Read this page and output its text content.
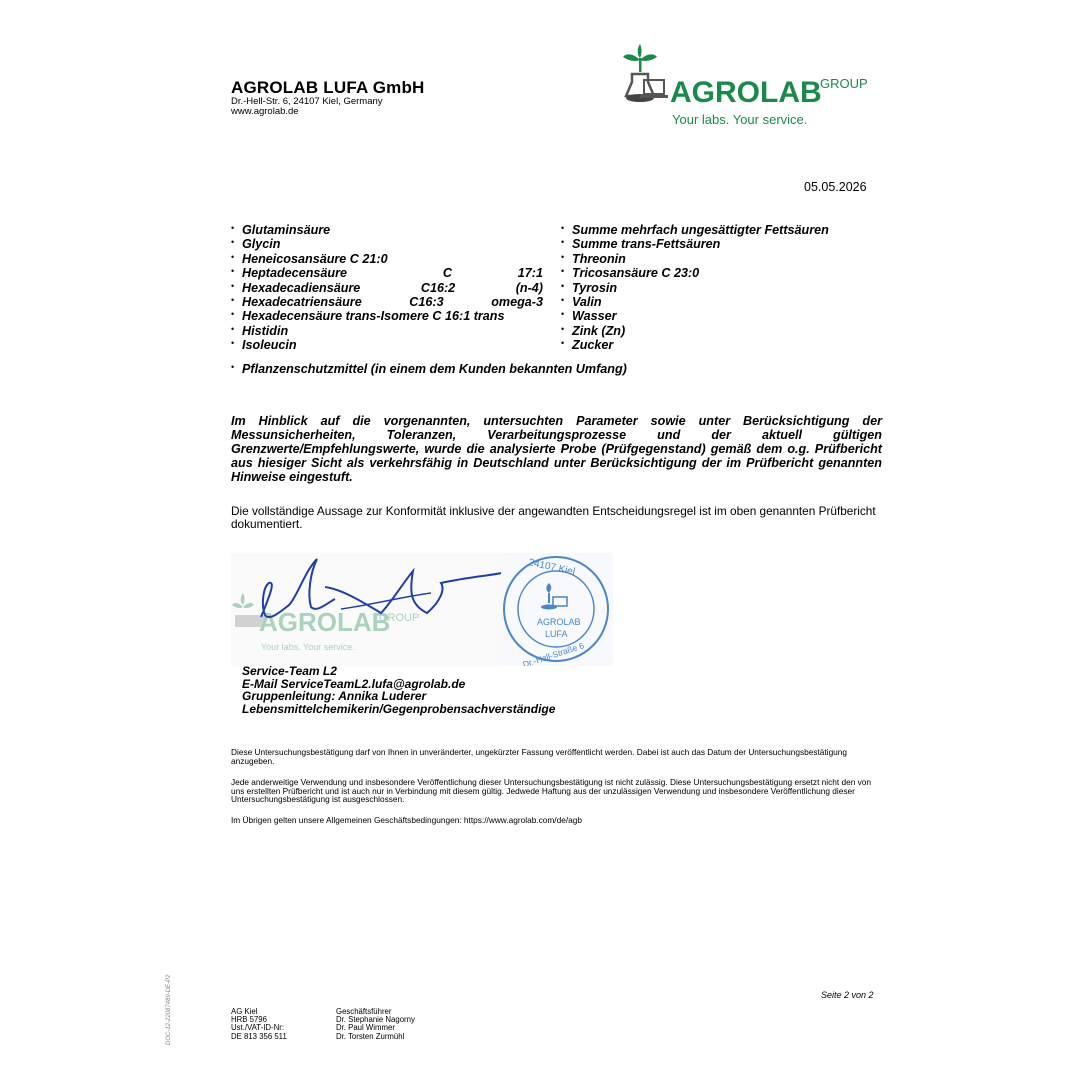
AGROLAB LUFA GmbH
Dr.-Hell-Str. 6, 24107 Kiel, Germany
www.agrolab.de
AGROLAB
GROUP
Your labs. Your service.
05.05.2026
• Glutaminsäure
• Glycin
• Heneicosansäure C 21:0
• Heptadecensäure	C	17:1
• Hexadecadiensäure	C16:2	(n-4)
• Hexadecatriensäure	C16:3	omega-3
• Hexadecensäure trans-Isomere C 16:1 trans
• Histidin
• Isoleucin
• Summe mehrfach ungesättigter Fettsäuren
• Summe trans-Fettsäuren
• Threonin
• Tricosansäure C 23:0
• Tyrosin
• Valin
• Wasser
• Zink (Zn)
• Zucker
• Pflanzenschutzmittel (in einem dem Kunden bekannten Umfang)
Im Hinblick auf die vorgenannten, untersuchten Parameter sowie unter Berücksichtigung der Messunsicherheiten, Toleranzen, Verarbeitungsprozesse und der aktuell gültigen Grenzwerte/Empfehlungswerte, wurde die analysierte Probe (Prüfgegenstand) gemäß dem o.g. Prüfbericht aus hiesiger Sicht als verkehrsfähig in Deutschland unter Berücksichtigung der im Prüfbericht genannten Hinweise eingestuft.
Die vollständige Aussage zur Konformität inklusive der angewandten Entscheidungsregel ist im oben genannten Prüfbericht dokumentiert.
AGROLAB
GROUP
Your labs. Your service.
24107 Kiel
AGROLAB
LUFA
Dr.-Hell-Straße 6
Service-Team L2
E-Mail ServiceTeamL2.lufa@agrolab.de
Gruppenleitung: Annika Luderer
Lebensmittelchemikerin/Gegenprobensachverständige
Diese Untersuchungsbestätigung darf von Ihnen in unveränderter, ungekürzter Fassung veröffentlicht werden. Dabei ist auch das Datum der Untersuchungsbestätigung anzugeben.
Jede anderweitige Verwendung und insbesondere Veröffentlichung dieser Untersuchungsbestätigung ist nicht zulässig. Diese Untersuchungsbestätigung ersetzt nicht den von uns erstellten Prüfbericht und ist auch nur in Verbindung mit diesem gültig. Jedwede Haftung aus der unzulässigen Verwendung und insbesondere Veröffentlichung dieser Untersuchungsbestätigung ist ausgeschlossen.
Im Übrigen gelten unsere Allgemeinen Geschäftsbedingungen: https://www.agrolab.com/de/agb
Seite 2 von 2
AG Kiel
HRB 5796
Ust./VAT-ID-Nr:
DE 813 356 511
Geschäftsführer
Dr. Stephanie Nagorny
Dr. Paul Wimmer
Dr. Torsten Zurmühl
DOC-12-22087489-DE-P2
